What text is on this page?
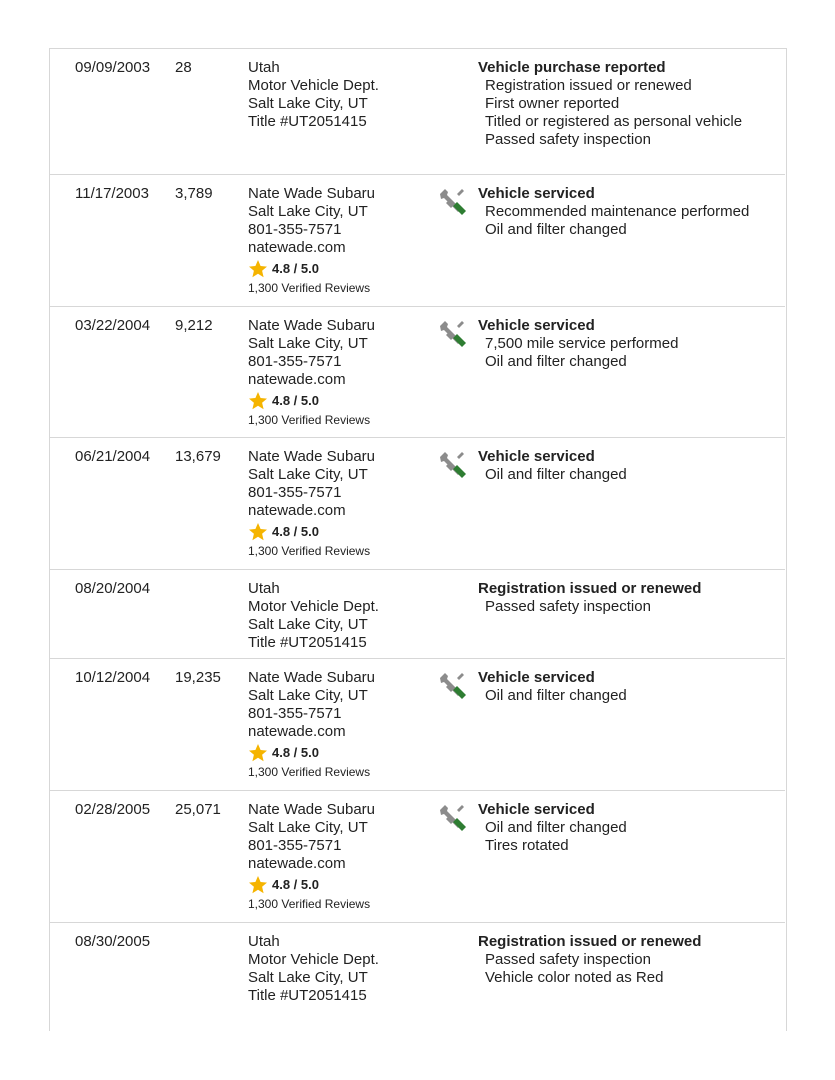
09/09/2003 28	Utah
Motor Vehicle Dept.
Salt Lake City, UT
Title #UT2051415
Vehicle purchase reported
Registration issued or renewed
First owner reported
Titled or registered as personal vehicle
Passed safety inspection
11/17/2003 3,789 Nate Wade Subaru
Salt Lake City, UT
801-355-7571
natewade.com
4.8 / 5.0
1,300 Verified Reviews
Vehicle serviced
Recommended maintenance performed
Oil and filter changed
03/22/2004 9,212 Nate Wade Subaru
Salt Lake City, UT
801-355-7571
natewade.com
4.8 / 5.0
1,300 Verified Reviews
Vehicle serviced
7,500 mile service performed
Oil and filter changed
06/21/2004 13,679 Nate Wade Subaru
Salt Lake City, UT
801-355-7571
natewade.com
4.8 / 5.0
1,300 Verified Reviews
Vehicle serviced
Oil and filter changed
08/20/2004	Utah
Motor Vehicle Dept.
Salt Lake City, UT
Title #UT2051415
Registration issued or renewed
Passed safety inspection
10/12/2004 19,235 Nate Wade Subaru
Salt Lake City, UT
801-355-7571
natewade.com
4.8 / 5.0
1,300 Verified Reviews
Vehicle serviced
Oil and filter changed
02/28/2005 25,071 Nate Wade Subaru
Salt Lake City, UT
801-355-7571
natewade.com
4.8 / 5.0
1,300 Verified Reviews
Vehicle serviced
Oil and filter changed
Tires rotated
08/30/2005	Utah
Motor Vehicle Dept.
Salt Lake City, UT
Title #UT2051415
Registration issued or renewed
Passed safety inspection
Vehicle color noted as Red
